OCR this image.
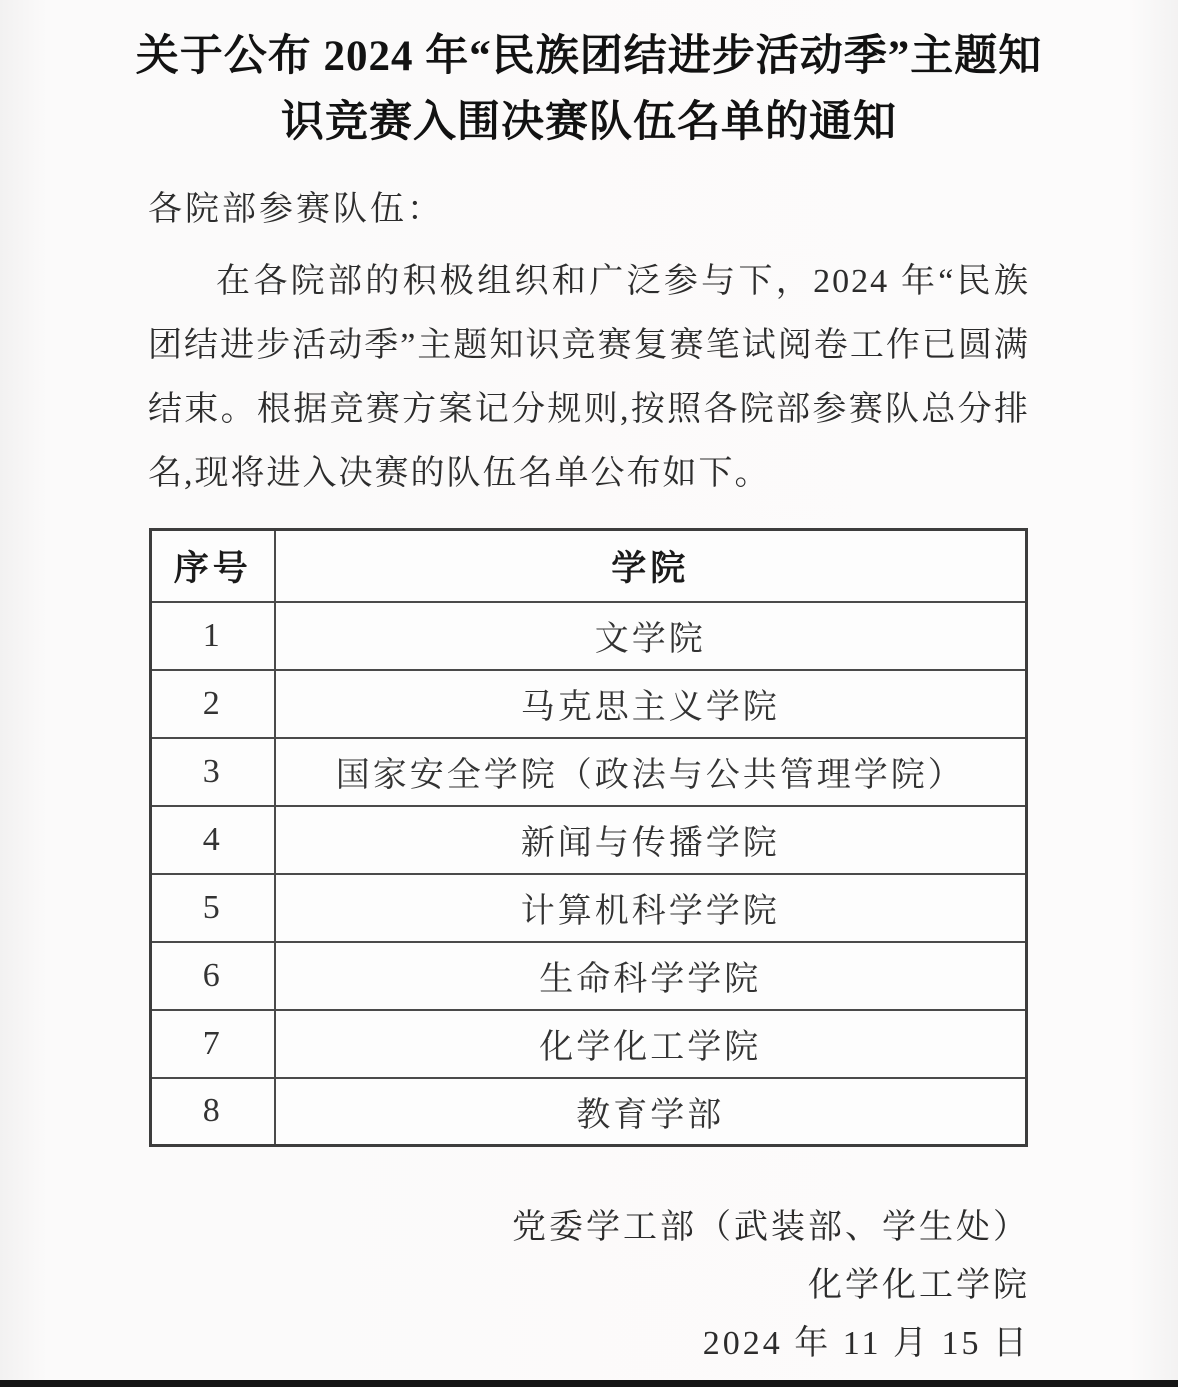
关于公布 2024 年“民族团结进步活动季”主题知
识竞赛入围决赛队伍名单的通知

各院部参赛队伍：

在各院部的积极组织和广泛参与下，2024 年“民族团结进步活动季”主题知识竞赛复赛笔试阅卷工作已圆满结束。根据竞赛方案记分规则,按照各院部参赛队总分排名,现将进入决赛的队伍名单公布如下。

序号	学院
1	文学院
2	马克思主义学院
3	国家安全学院（政法与公共管理学院）
4	新闻与传播学院
5	计算机科学学院
6	生命科学学院
7	化学化工学院
8	教育学部
党委学工部（武装部、学生处）
化学化工学院
2024 年 11 月 15 日
